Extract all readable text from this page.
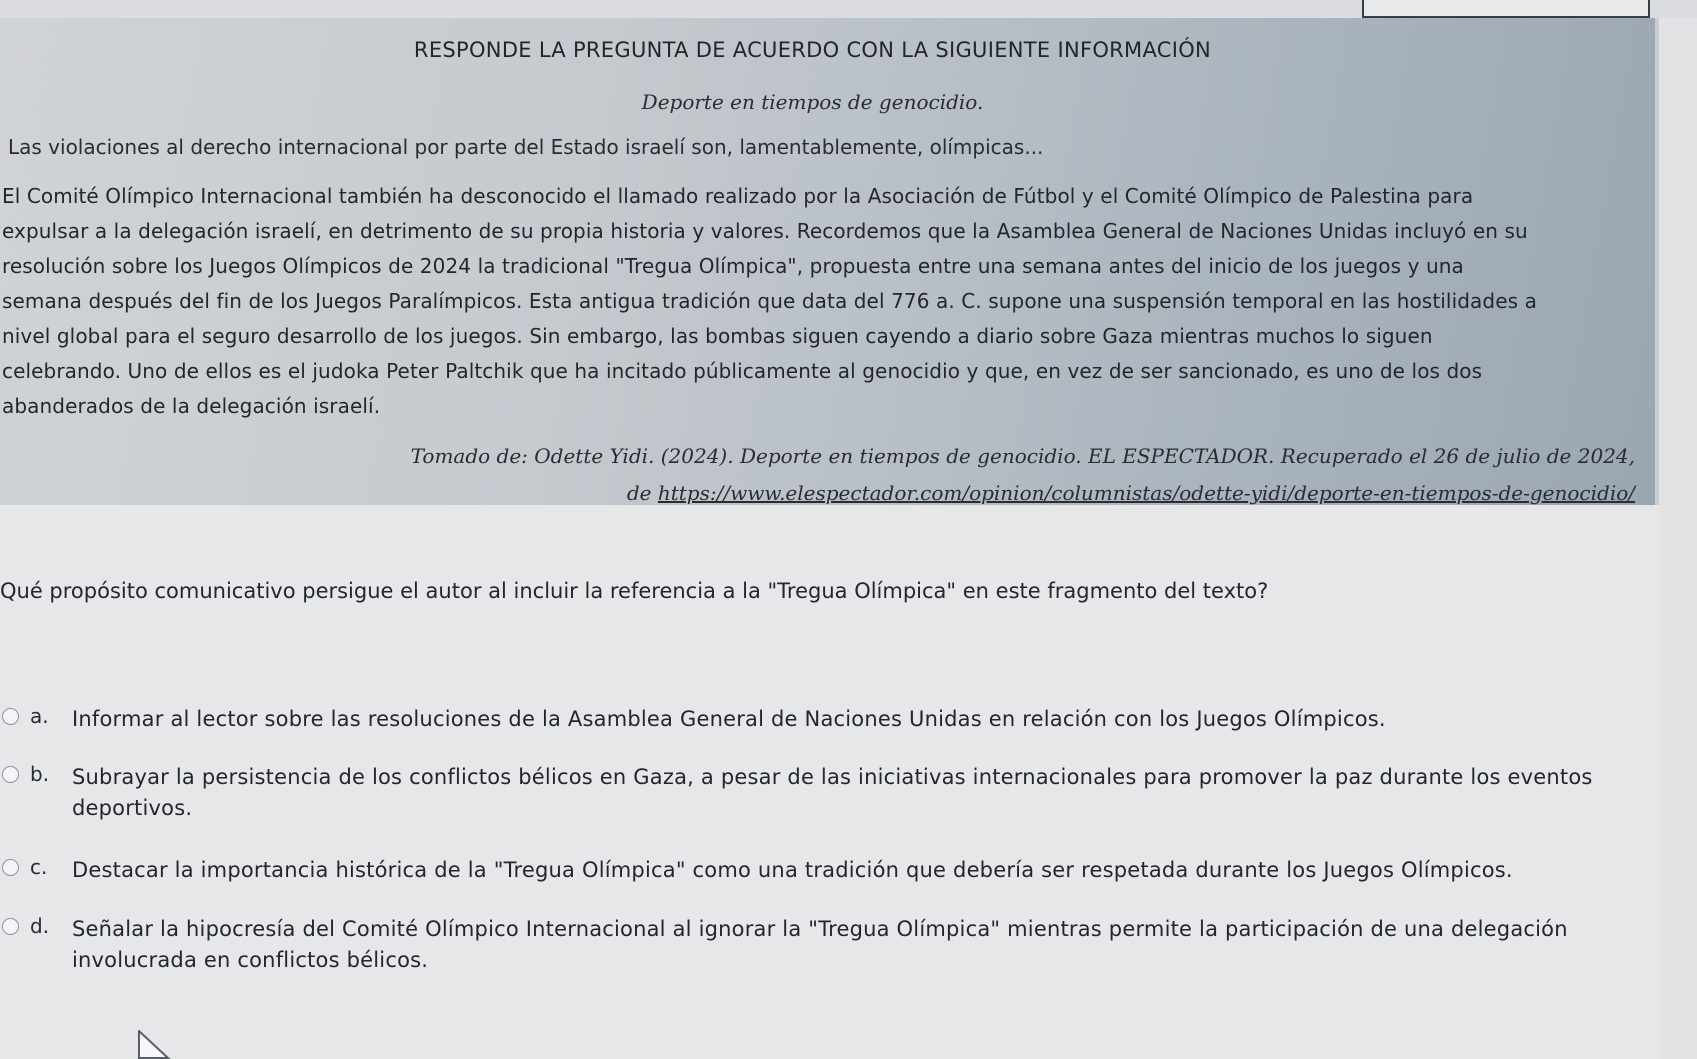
RESPONDE LA PREGUNTA DE ACUERDO CON LA SIGUIENTE INFORMACIÓN
Deporte en tiempos de genocidio.
Las violaciones al derecho internacional por parte del Estado israelí son, lamentablemente, olímpicas...
El Comité Olímpico Internacional también ha desconocido el llamado realizado por la Asociación de Fútbol y el Comité Olímpico de Palestina para
expulsar a la delegación israelí, en detrimento de su propia historia y valores. Recordemos que la Asamblea General de Naciones Unidas incluyó en su
resolución sobre los Juegos Olímpicos de 2024 la tradicional "Tregua Olímpica", propuesta entre una semana antes del inicio de los juegos y una
semana después del fin de los Juegos Paralímpicos. Esta antigua tradición que data del 776 a. C. supone una suspensión temporal en las hostilidades a
nivel global para el seguro desarrollo de los juegos. Sin embargo, las bombas siguen cayendo a diario sobre Gaza mientras muchos lo siguen
celebrando. Uno de ellos es el judoka Peter Paltchik que ha incitado públicamente al genocidio y que, en vez de ser sancionado, es uno de los dos
abanderados de la delegación israelí.
Tomado de: Odette Yidi. (2024). Deporte en tiempos de genocidio. EL ESPECTADOR. Recuperado el 26 de julio de 2024,
de https://www.elespectador.com/opinion/columnistas/odette-yidi/deporte-en-tiempos-de-genocidio/
Qué propósito comunicativo persigue el autor al incluir la referencia a la "Tregua Olímpica" en este fragmento del texto?
a. Informar al lector sobre las resoluciones de la Asamblea General de Naciones Unidas en relación con los Juegos Olímpicos.
b. Subrayar la persistencia de los conflictos bélicos en Gaza, a pesar de las iniciativas internacionales para promover la paz durante los eventos deportivos.
c. Destacar la importancia histórica de la "Tregua Olímpica" como una tradición que debería ser respetada durante los Juegos Olímpicos.
d. Señalar la hipocresía del Comité Olímpico Internacional al ignorar la "Tregua Olímpica" mientras permite la participación de una delegación involucrada en conflictos bélicos.
